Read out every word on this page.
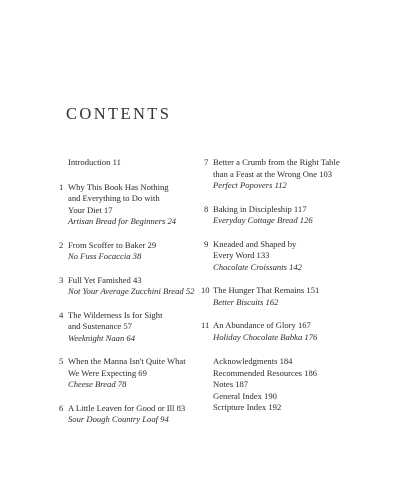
CONTENTS
Introduction 11
1 Why This Book Has Nothing
and Everything to Do with
Your Diet 17
Artisan Bread for Beginners 24
2 From Scoffer to Baker 29
No Fuss Focaccia 38
3 Full Yet Famished 43
Not Your Average Zucchini Bread 52
4 The Wilderness Is for Sight
and Sustenance 57
Weeknight Naan 64
5 When the Manna Isn't Quite What
We Were Expecting 69
Cheese Bread 78
6 A Little Leaven for Good or Ill 83
Sour Dough Country Loaf 94
7 Better a Crumb from the Right Table
than a Feast at the Wrong One 103
Perfect Popovers 112
8 Baking in Discipleship 117
Everyday Cottage Bread 126
9 Kneaded and Shaped by
Every Word 133
Chocolate Croissants 142
10 The Hunger That Remains 151
Better Biscuits 162
11 An Abundance of Glory 167
Holiday Chocolate Babka 176
Acknowledgments 184
Recommended Resources 186
Notes 187
General Index 190
Scripture Index 192
